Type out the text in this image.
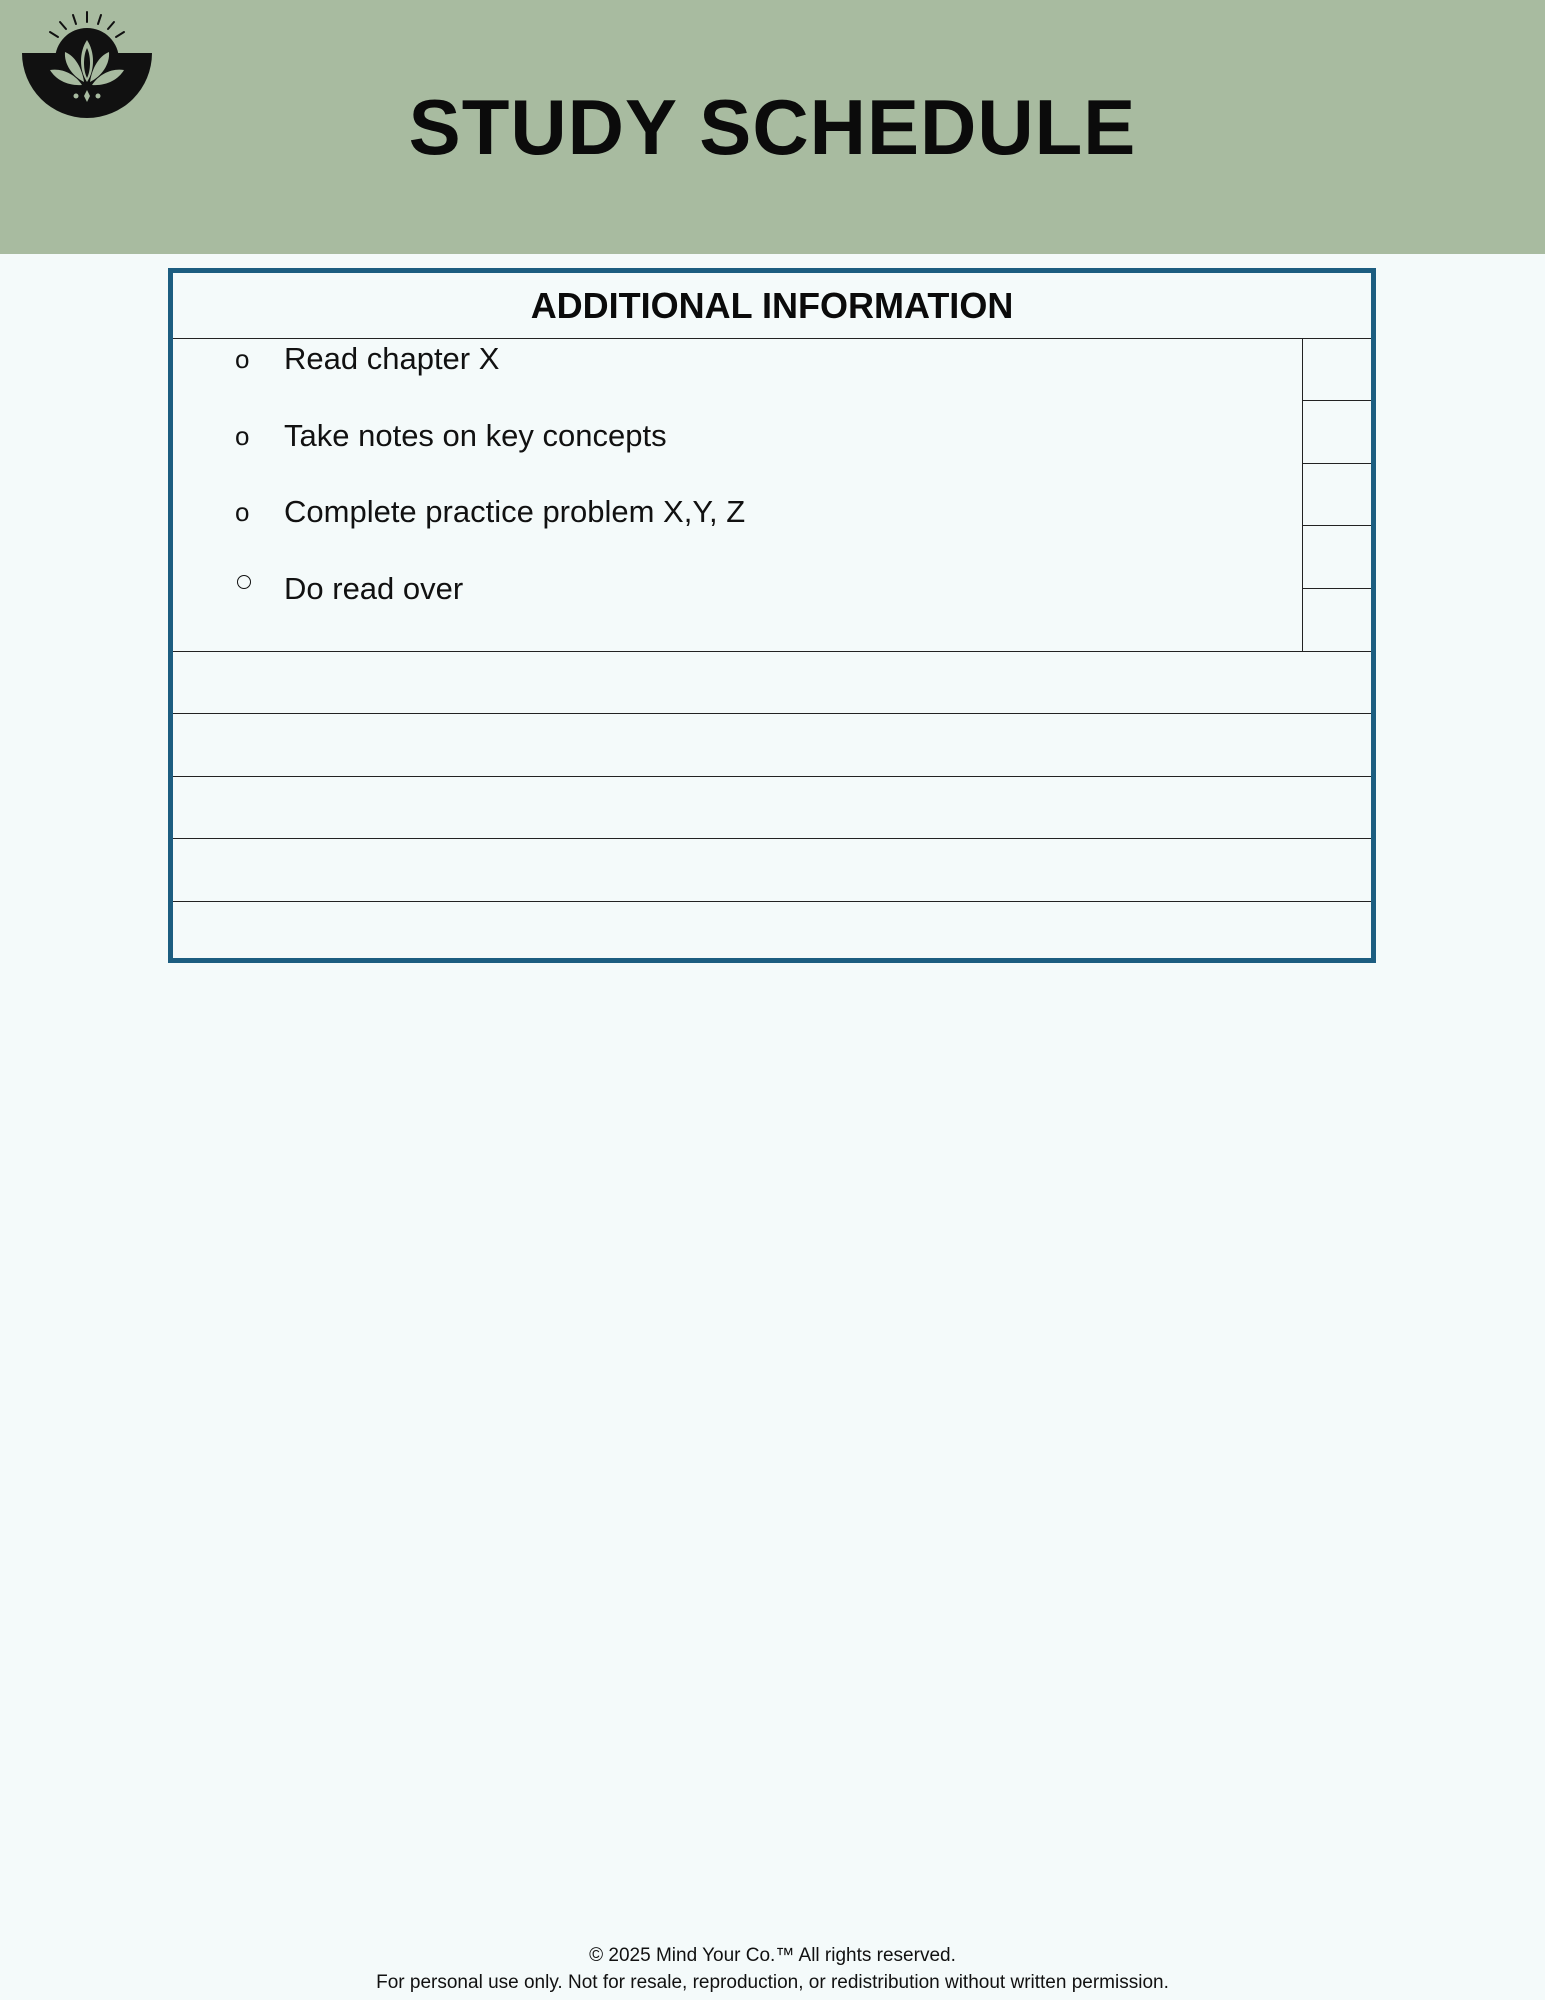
STUDY SCHEDULE
ADDITIONAL INFORMATION
o Read chapter X
o Take notes on key concepts
o Complete practice problem X,Y, Z
Do read over
© 2025 Mind Your Co.™ All rights reserved.
For personal use only. Not for resale, reproduction, or redistribution without written permission.
